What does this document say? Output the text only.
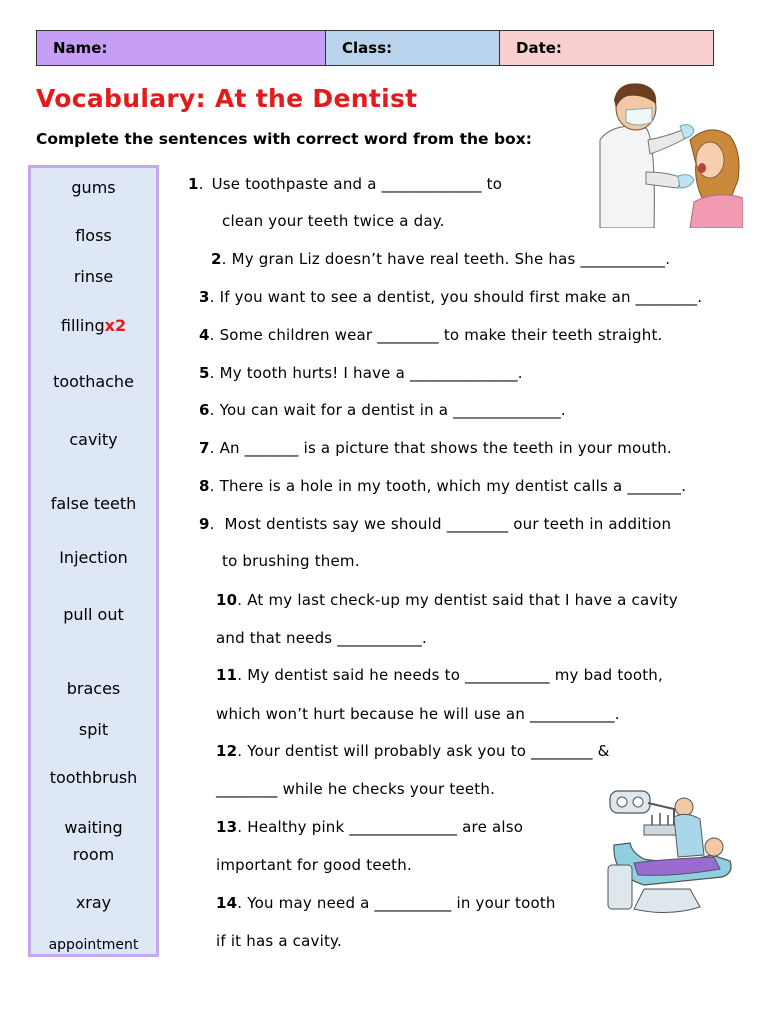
Name:	Class:	Date:
Vocabulary: At the Dentist
Complete the sentences with correct word from the box:
gums
floss
rinse
fillingx2
toothache
cavity
false teeth
Injection
pull out
braces
spit
toothbrush
waiting
room
xray
appointment
1. Use toothpaste and a _____________ to
clean your teeth twice a day.
2. My gran Liz doesn’t have real teeth. She has ___________.
3. If you want to see a dentist, you should first make an ________.
4. Some children wear ________ to make their teeth straight.
5. My tooth hurts! I have a ______________.
6. You can wait for a dentist in a ______________.
7. An _______ is a picture that shows the teeth in your mouth.
8. There is a hole in my tooth, which my dentist calls a _______.
9.  Most dentists say we should ________ our teeth in addition
to brushing them.
10. At my last check-up my dentist said that I have a cavity
and that needs ___________.
11. My dentist said he needs to ___________ my bad tooth,
which won’t hurt because he will use an ___________.
12. Your dentist will probably ask you to ________ &
________ while he checks your teeth.
13. Healthy pink ______________ are also
important for good teeth.
14. You may need a __________ in your tooth
if it has a cavity.
